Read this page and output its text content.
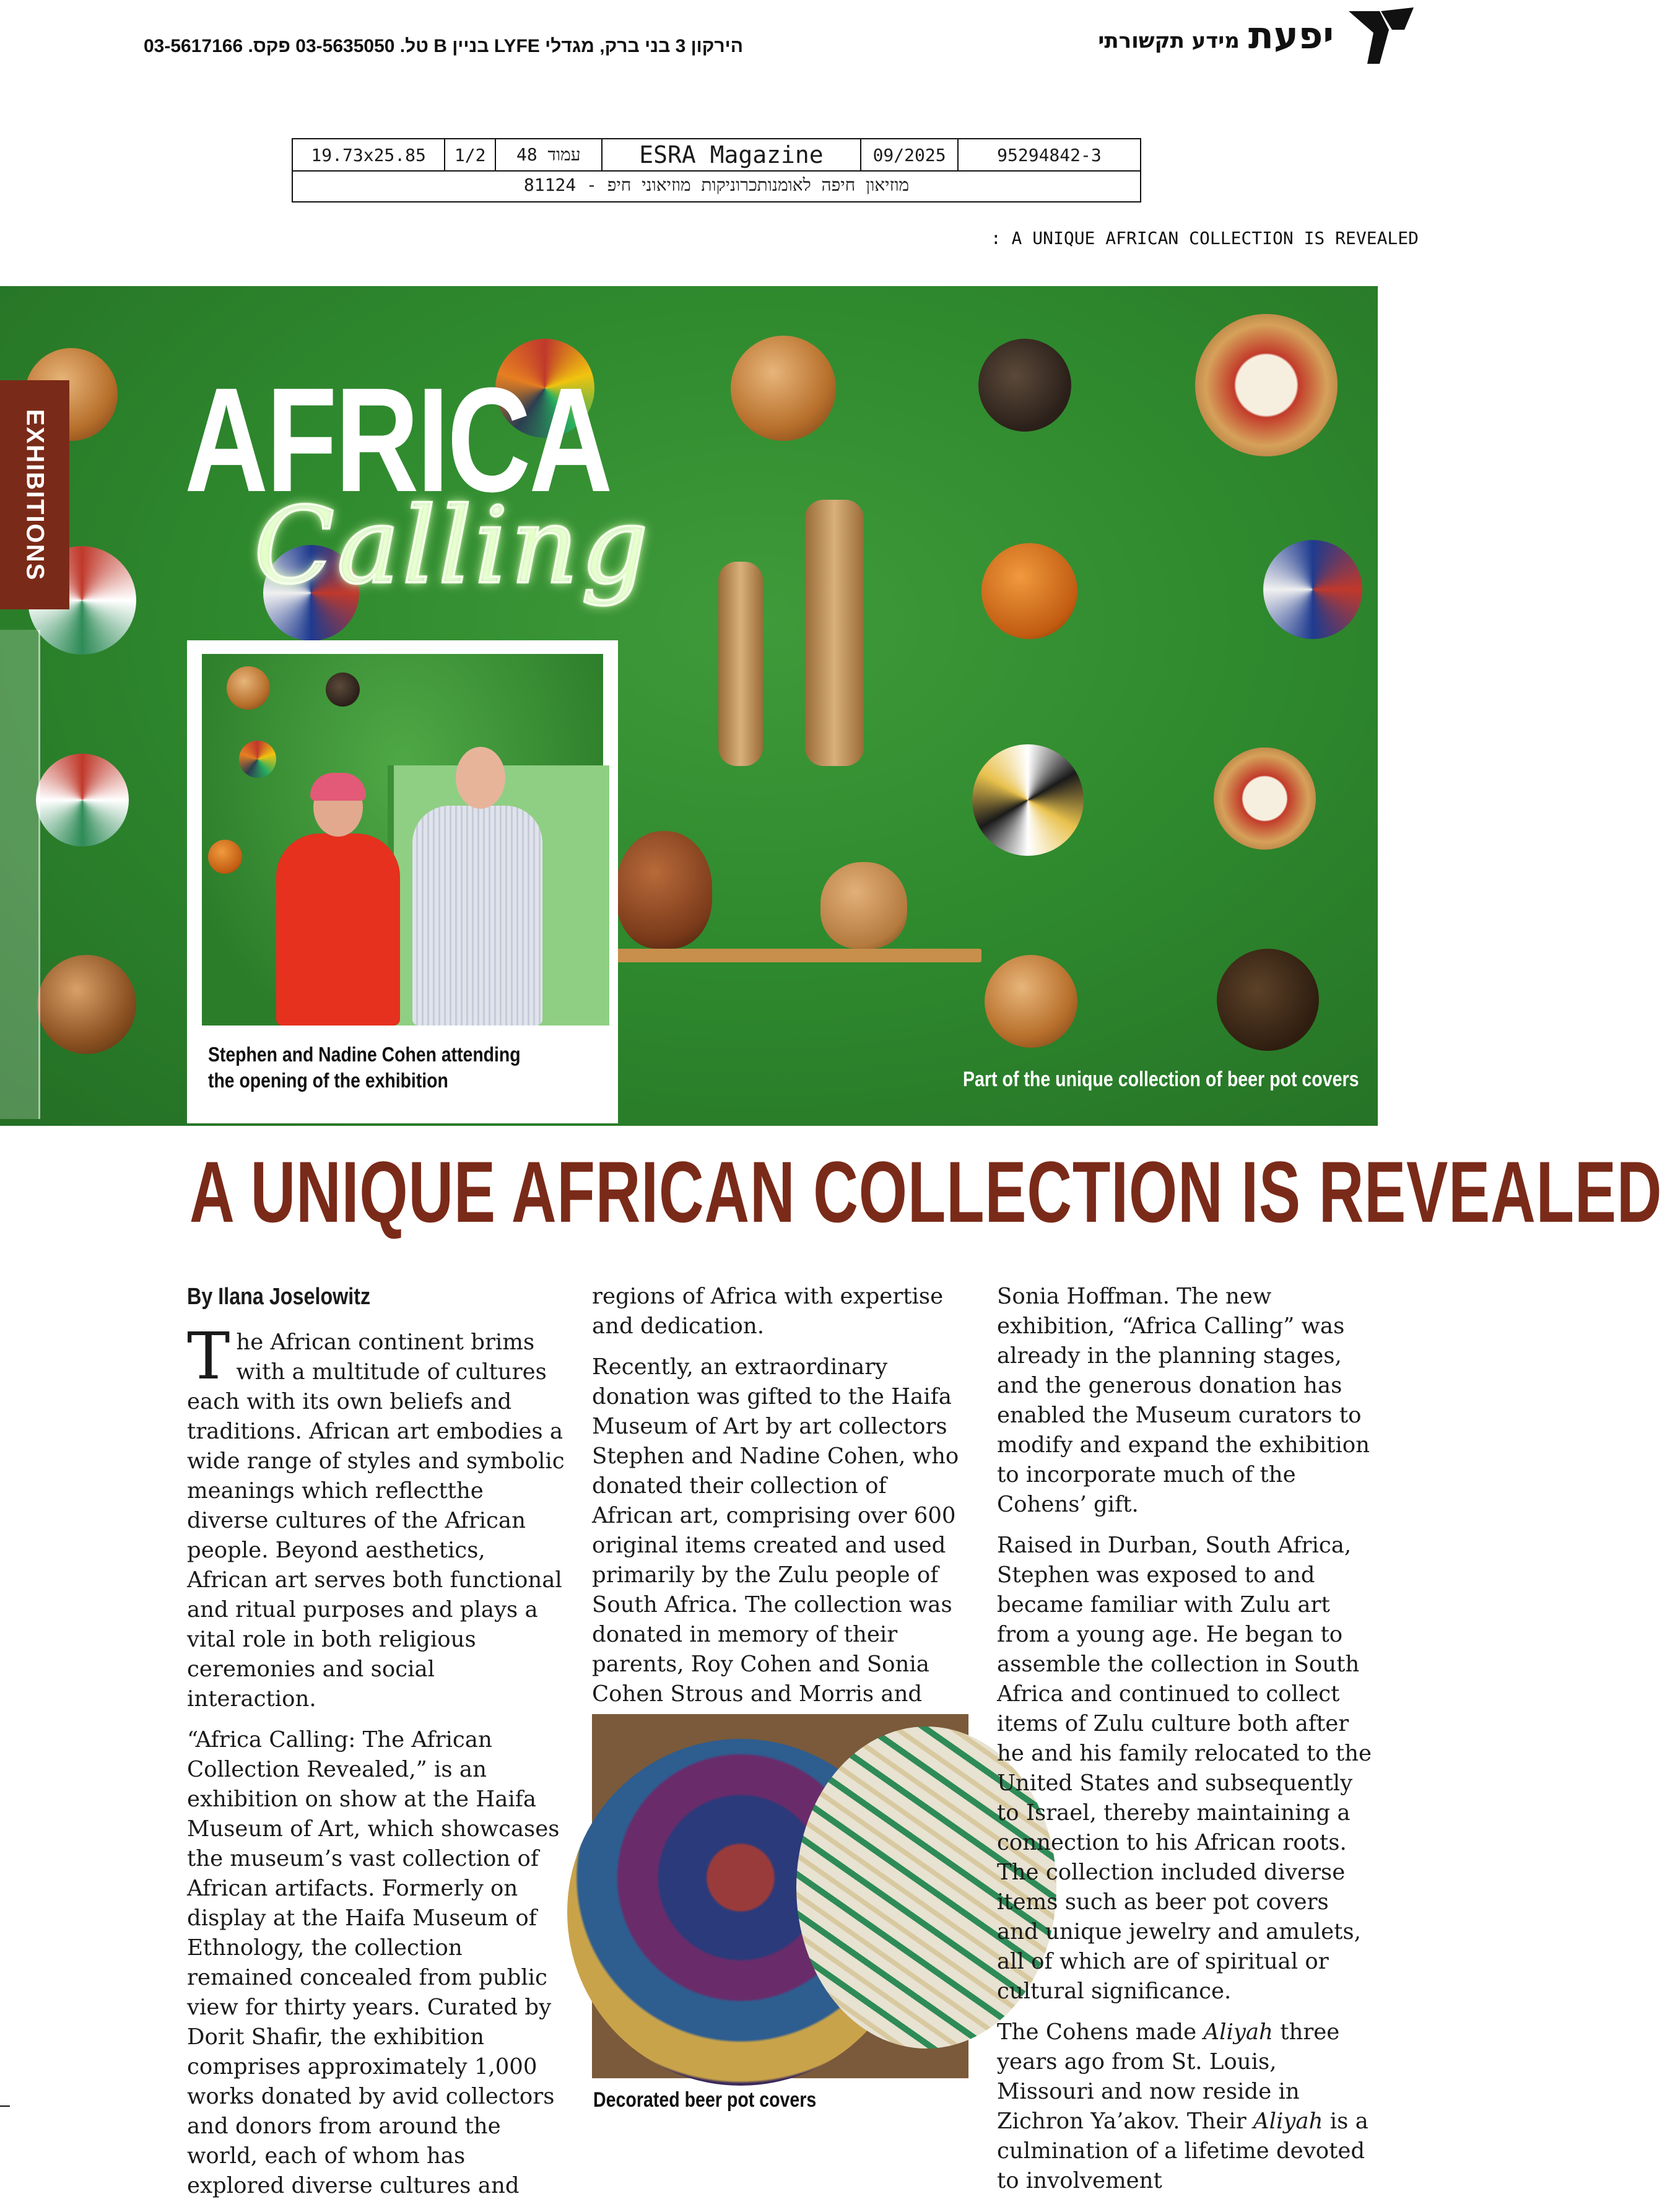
הירקון 3 בני ברק, מגדלי LYFE בניין B טל. 03-5635050 פקס. 03-5617166	יפעת
מידע תקשורתי
19.73x25.85	1/2	עמוד 48	ESRA Magazine	09/2025	95294842-3
מוזיאון חיפה לאומנותכרוניקות מוזיאוני חיפ - 81124
: A UNIQUE AFRICAN COLLECTION IS REVEALED
EXHIBITIONS AFRICA
Calling
Stephen and Nadine Cohen attending the opening of the exhibition	Part of the unique collection of beer pot covers
A UNIQUE AFRICAN COLLECTION IS REVEALED
By Ilana Joselowitz

The African continent brims with a multitude of cultures each with its own beliefs and traditions. African art embodies a wide range of styles and symbolic meanings which reflectthe diverse cultures of the African people. Beyond aesthetics, African art serves both functional and ritual purposes and plays a vital role in both religious ceremonies and social interaction.

“Africa Calling: The African Collection Revealed,” is an exhibition on show at the Haifa Museum of Art, which showcases the museum’s vast collection of African artifacts. Formerly on display at the Haifa Museum of Ethnology, the collection remained concealed from public view for thirty years. Curated by Dorit Shafir, the exhibition comprises approximately 1,000 works donated by avid collectors and donors from around the world, each of whom has explored diverse cultures and

regions of Africa with expertise and dedication.

Recently, an extraordinary donation was gifted to the Haifa Museum of Art by art collectors Stephen and Nadine Cohen, who donated their collection of African art, comprising over 600 original items created and used primarily by the Zulu people of South Africa. The collection was donated in memory of their parents, Roy Cohen and Sonia Cohen Strous and Morris and

Decorated beer pot covers

Sonia Hoffman. The new exhibition, “Africa Calling” was already in the planning stages, and the generous donation has enabled the Museum curators to modify and expand the exhibition to incorporate much of the Cohens’ gift.

Raised in Durban, South Africa, Stephen was exposed to and became familiar with Zulu art from a young age. He began to assemble the collection in South Africa and continued to collect items of Zulu culture both after he and his family relocated to the United States and subsequently to Israel, thereby maintaining a connection to his African roots. The collection included diverse items such as beer pot covers and unique jewelry and amulets, all of which are of spiritual or cultural significance.

The Cohens made Aliyah three years ago from St. Louis, Missouri and now reside in Zichron Ya’akov. Their Aliyah is a culmination of a lifetime devoted to involvement
